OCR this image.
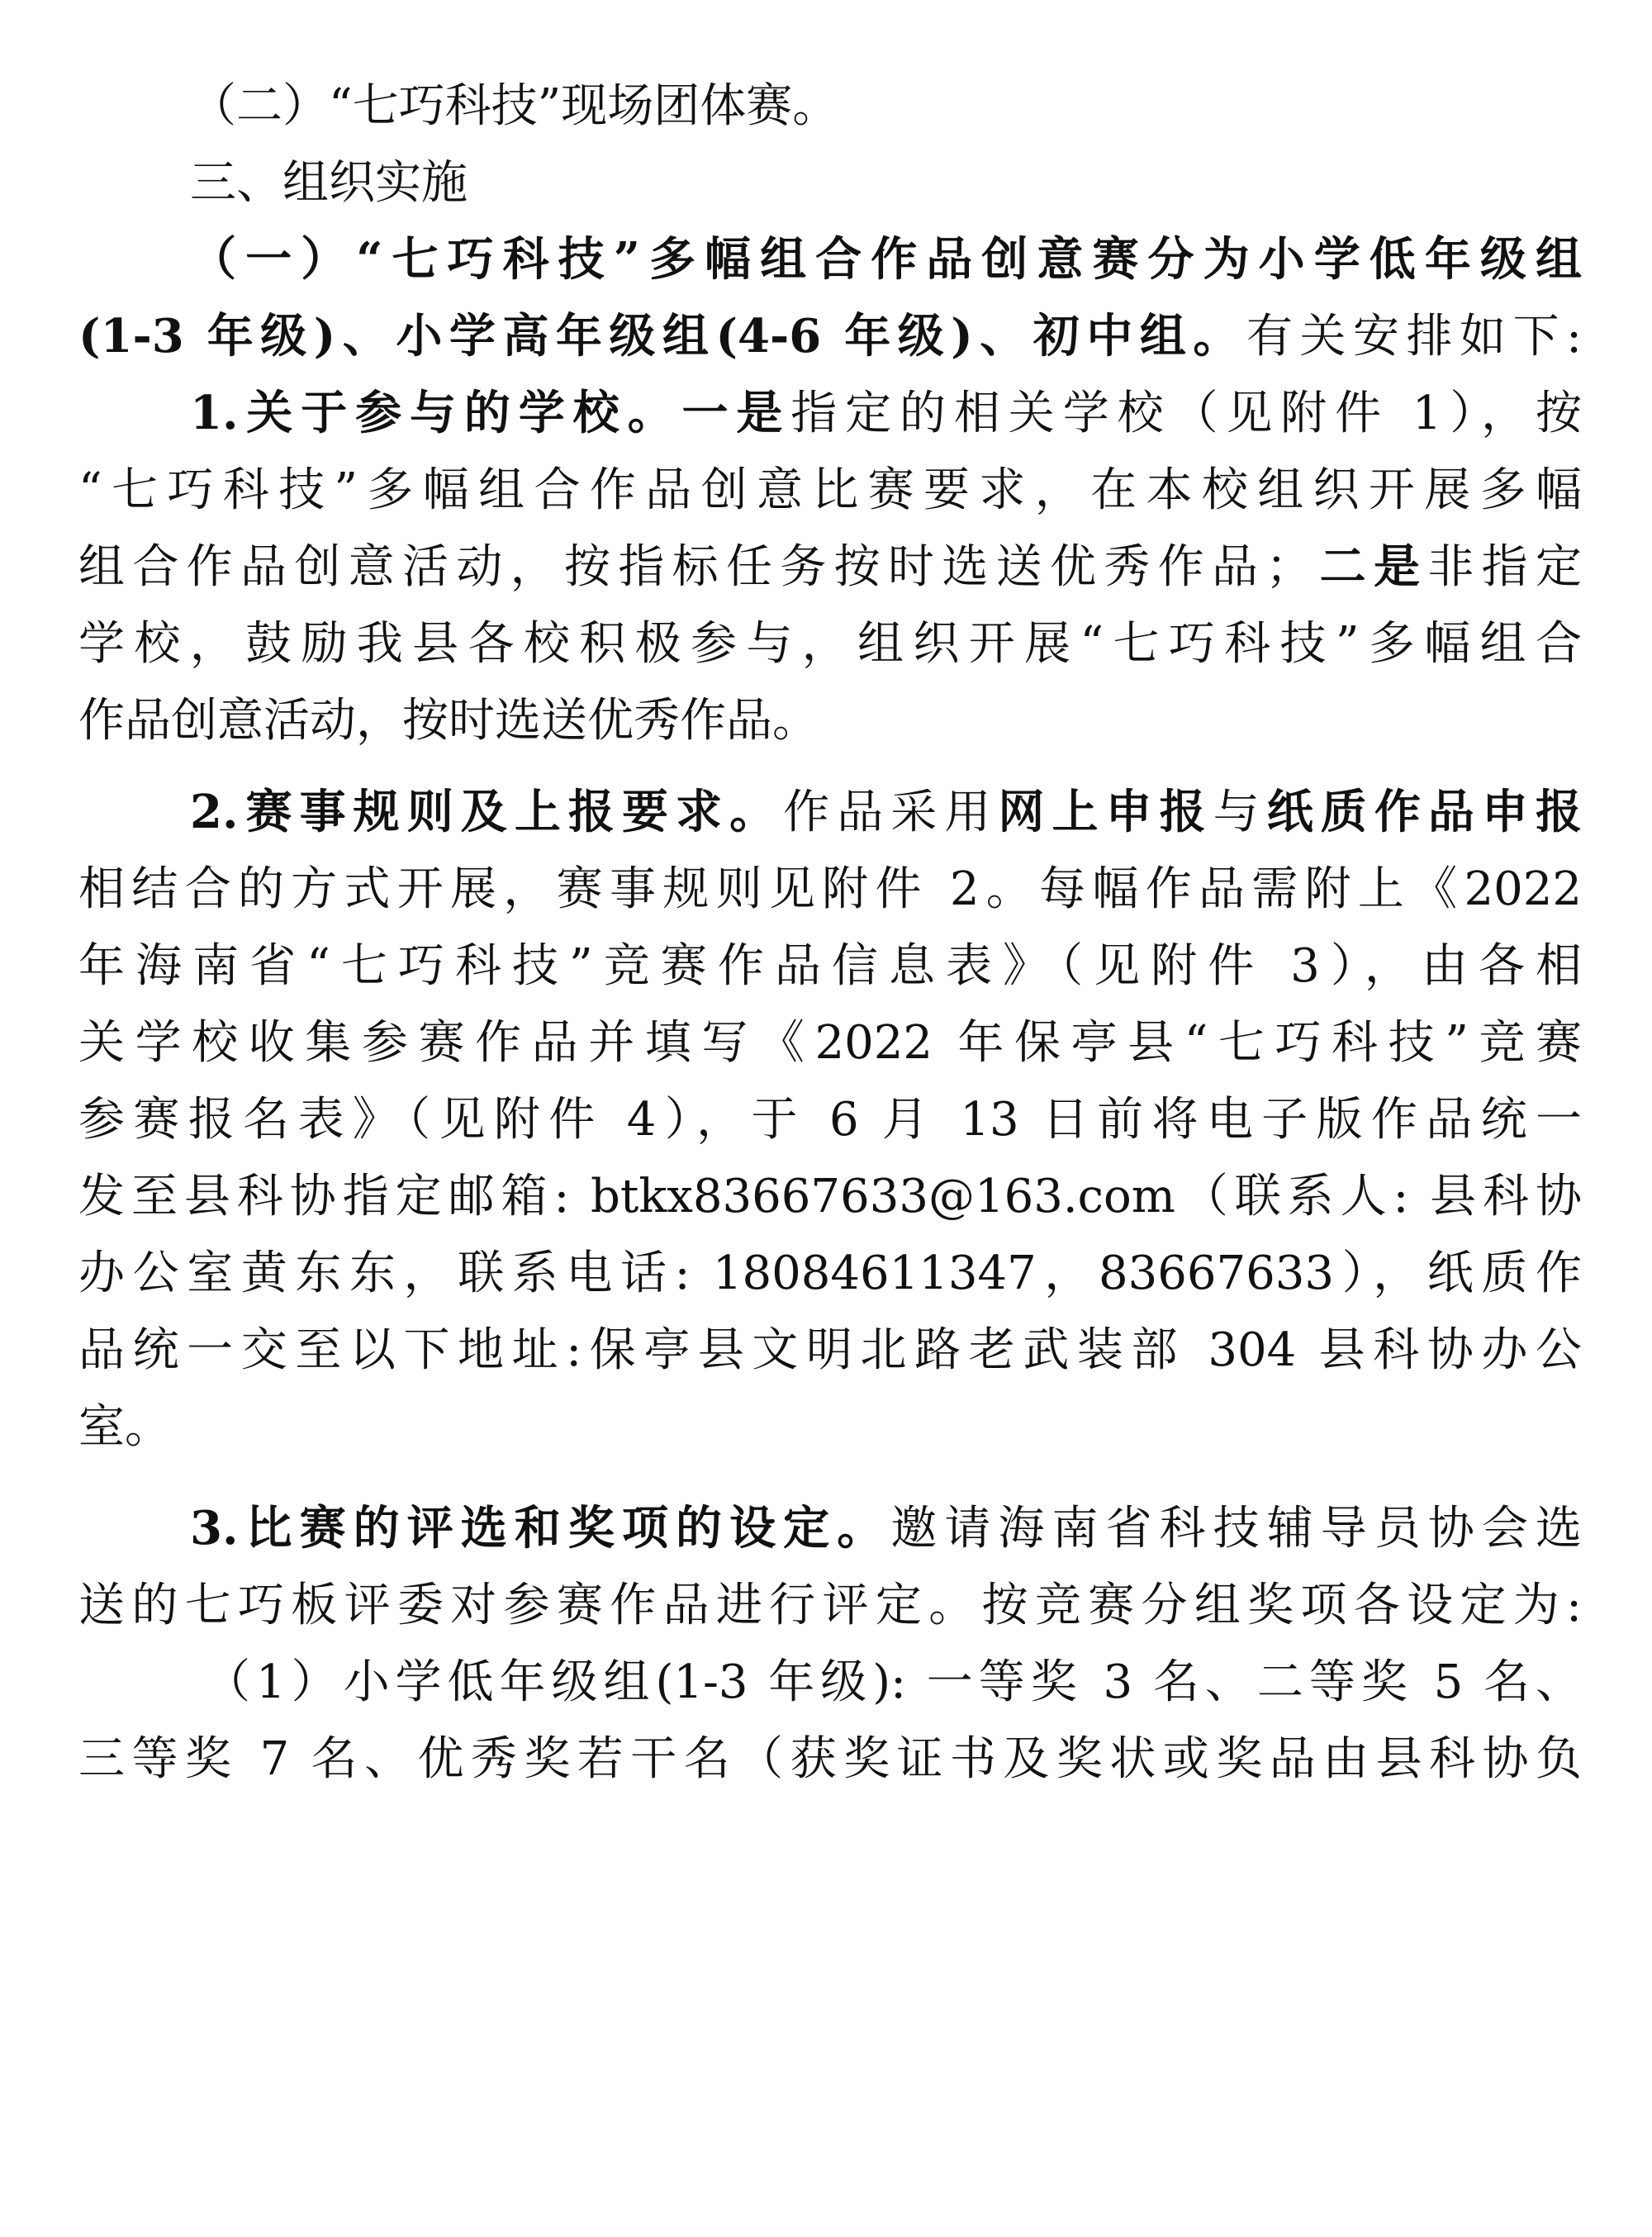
（二）“七巧科技”现场团体赛。
三、组织实施
（一）“七巧科技”多幅组合作品创意赛分为小学低年级组
(1-3 年级)、小学高年级组(4-6 年级)、初中组。有关安排如下:
1.关于参与的学校。一是指定的相关学校（见附件 1），按
“七巧科技”多幅组合作品创意比赛要求，在本校组织开展多幅
组合作品创意活动，按指标任务按时选送优秀作品；二是非指定
学校，鼓励我县各校积极参与，组织开展“七巧科技”多幅组合
作品创意活动，按时选送优秀作品。
2.赛事规则及上报要求。作品采用网上申报与纸质作品申报
相结合的方式开展，赛事规则见附件 2。每幅作品需附上《2022
年海南省“七巧科技”竞赛作品信息表》（见附件 3），由各相
关学校收集参赛作品并填写《2022 年保亭县“七巧科技”竞赛
参赛报名表》（见附件 4），于 6 月 13 日前将电子版作品统一
发至县科协指定邮箱: btkx83667633@163.com（联系人: 县科协
办公室黄东东，联系电话: 18084611347，83667633），纸质作
品统一交至以下地址:保亭县文明北路老武装部 304 县科协办公
室。
3.比赛的评选和奖项的设定。邀请海南省科技辅导员协会选
送的七巧板评委对参赛作品进行评定。按竞赛分组奖项各设定为:
（1）小学低年级组(1-3 年级): 一等奖 3 名、二等奖 5 名、
三等奖 7 名、优秀奖若干名（获奖证书及奖状或奖品由县科协负
